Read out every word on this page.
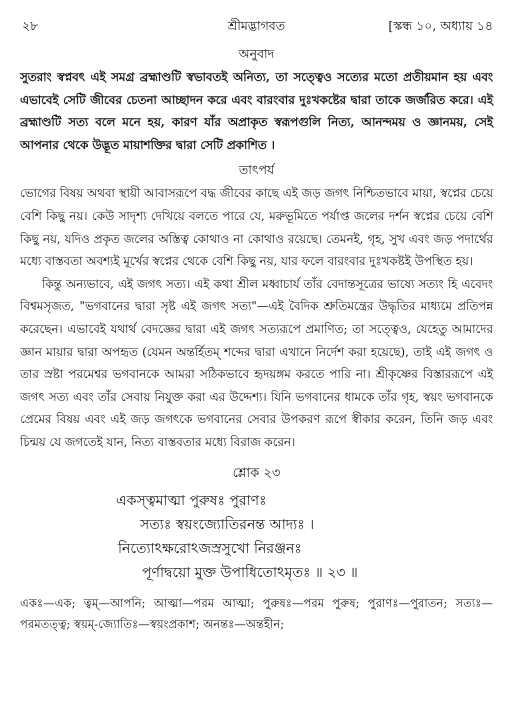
২৮	শ্রীমদ্ভাগবত	[স্কন্ধ ১০, অধ্যায় ১৪

অনুবাদ

সুতরাং স্বপ্নবৎ এই সমগ্র ব্রহ্মাণ্ডটি স্বভাবতই অনিত্য, তা সত্ত্বেও সত্যের মতো প্রতীয়মান হয় এবং এভাবেই সেটি জীবের চেতনা আচ্ছাদন করে এবং বারংবার দুঃখকষ্টের দ্বারা তাকে জর্জরিত করে। এই ব্রহ্মাণ্ডটি সত্য বলে মনে হয়, কারণ যাঁর অপ্রাকৃত স্বরূপগুলি নিত্য, আনন্দময় ও জ্ঞানময়, সেই আপনার থেকে উদ্ভূত মায়াশক্তির দ্বারা সেটি প্রকাশিত ।

তাৎপর্য

ভোগের বিষয় অথবা স্থায়ী আবাসরূপে বদ্ধ জীবের কাছে এই জড় জগৎ নিশ্চিতভাবে মায়া, স্বপ্নের চেয়ে বেশি কিছু নয়। কেউ সাদৃশ্য দেখিয়ে বলতে পারে যে, মরুভূমিতে পর্যাপ্ত জলের দর্শন স্বপ্নের চেয়ে বেশি কিছু নয়, যদিও প্রকৃত জলের অস্তিত্ব কোথাও না কোথাও রয়েছে। তেমনই, গৃহ, সুখ এবং জড় পদার্থের মধ্যে বাস্তবতা অবশ্যই মূর্খের স্বপ্নের থেকে বেশি কিছু নয়, যার ফলে বারংবার দুঃখকষ্টই উপস্থিত হয়।

কিন্তু অন্যভাবে, এই জগৎ সত্য। এই কথা শ্রীল মধ্বাচার্য তাঁর বেদান্তসূত্রের ভাষ্যে সত্যং হি এবেদং বিশ্বমসৃজত, "ভগবানের দ্বারা সৃষ্ট এই জগৎ সত্য"—এই বৈদিক শ্রুতিমন্ত্রের উদ্ধৃতির মাধ্যমে প্রতিপন্ন করেছেন। এভাবেই যথার্থ বেদজ্ঞের দ্বারা এই জগৎ সত্যরূপে প্রমাণিত; তা সত্ত্বেও, যেহেতু আমাদের জ্ঞান মায়ার দ্বারা অপহৃত (যেমন অন্তর্হিতম্ শব্দের দ্বারা এখানে নির্দেশ করা হয়েছে), তাই এই জগৎ ও তার স্রষ্টা পরমেশ্বর ভগবানকে আমরা সঠিকভাবে হৃদয়ঙ্গম করতে পারি না। শ্রীকৃষ্ণের বিস্তাররূপে এই জগৎ সত্য এবং তাঁর সেবায় নিযুক্ত করা এর উদ্দেশ্য। যিনি ভগবানের ধামকে তাঁর গৃহ, স্বয়ং ভগবানকে প্রেমের বিষয় এবং এই জড় জগৎকে ভগবানের সেবার উপকরণ রূপে স্বীকার করেন, তিনি জড় এবং চিন্ময় যে জগতেই যান, নিত্য বাস্তবতার মধ্যে বিরাজ করেন।

শ্লোক ২৩

একস্ত্বমাত্মা পুরুষঃ পুরাণঃ
সত্যঃ স্বয়ংজ্যোতিরনন্ত আদ্যঃ ।
নিত্যোঽক্ষরোঽজস্রসুখো নিরঞ্জনঃ
পূর্ণাদ্বয়ো মুক্ত উপাধিতোঽমৃতঃ ॥ ২৩ ॥

একঃ—এক; ত্বম্—আপনি; আত্মা—পরম আত্মা; পুরুষঃ—পরম পুরুষ; পুরাণঃ—পুরাতন; সত্যঃ—পরমতত্ত্ব; স্বয়ম্-জ্যোতিঃ—স্বয়ংপ্রকাশ; অনন্তঃ—অন্তহীন;
